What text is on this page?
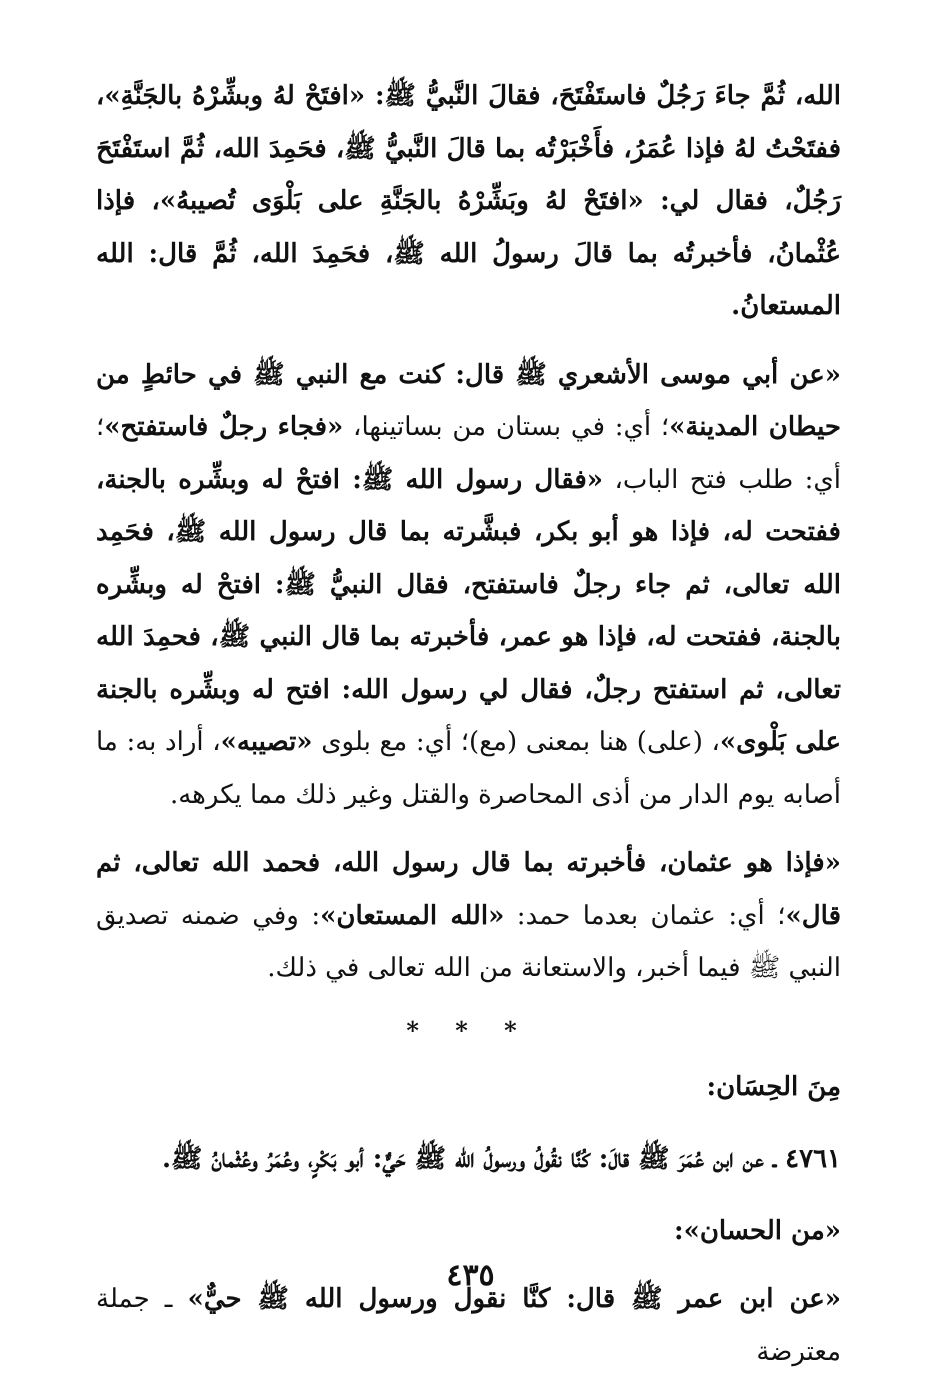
الله، ثُمَّ جاءَ رَجُلٌ فاستَفْتَحَ، فقالَ النَّبيُّ ﷺ: «افتَحْ لهُ وبشِّرْهُ بالجَنَّةِ»، ففتَحْتُ لهُ فإذا عُمَرُ، فأَخْبَرْتُه بما قالَ النَّبيُّ ﷺ، فحَمِدَ الله، ثُمَّ استَفْتَحَ رَجُلٌ، فقال لي: «افتَحْ لهُ وبَشِّرْهُ بالجَنَّةِ على بَلْوَى تُصيبهُ»، فإذا عُثْمانُ، فأخبرتُه بما قالَ رسولُ الله ﷺ، فحَمِدَ الله، ثُمَّ قال: الله المستعانُ.

«عن أبي موسى الأشعري ﷺ قال: كنت مع النبي ﷺ في حائطٍ من حيطان المدينة»؛ أي: في بستان من بساتينها، «فجاء رجلٌ فاستفتح»؛ أي: طلب فتح الباب، «فقال رسول الله ﷺ: افتحْ له وبشِّره بالجنة، ففتحت له، فإذا هو أبو بكر، فبشَّرته بما قال رسول الله ﷺ، فحَمِد الله تعالى، ثم جاء رجلٌ فاستفتح، فقال النبيُّ ﷺ: افتحْ له وبشِّره بالجنة، ففتحت له، فإذا هو عمر، فأخبرته بما قال النبي ﷺ، فحمِدَ الله تعالى، ثم استفتح رجلٌ، فقال لي رسول الله: افتح له وبشِّره بالجنة على بَلْوى»، (على) هنا بمعنى (مع)؛ أي: مع بلوى «تصيبه»، أراد به: ما أصابه يوم الدار من أذى المحاصرة والقتل وغير ذلك مما يكرهه.

«فإذا هو عثمان، فأخبرته بما قال رسول الله، فحمد الله تعالى، ثم قال»؛ أي: عثمان بعدما حمد: «الله المستعان»: وفي ضمنه تصديق النبي ﷺ فيما أخبر، والاستعانة من الله تعالى في ذلك.

* * *

مِنَ الحِسَان:

٤٧٦١ ـ عن ابن عُمَرَ ﷺ قالَ: كُنَّا نقُولُ ورسولُ الله ﷺ حَيٌّ: أبو بَكْرٍ، وعُمَرُ وعُثْمانُ ﷺ.

«من الحسان»:

«عن ابن عمر ﷺ قال: كنَّا نقول ورسول الله ﷺ حيٌّ» ـ جملة معترضة

٤٣٥
